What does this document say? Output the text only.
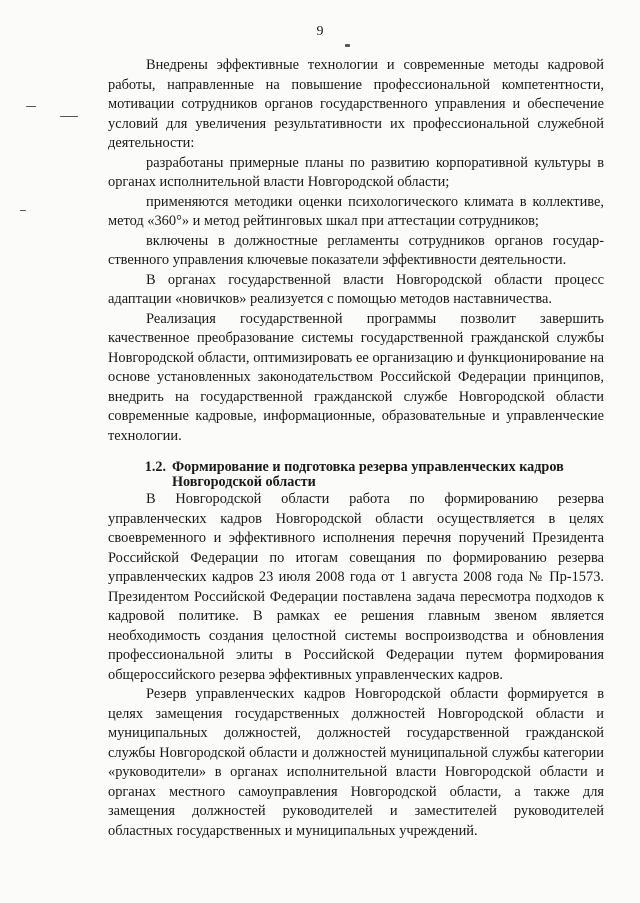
9

Внедрены эффективные технологии и современные методы кадровой работы, направленные на повышение профессиональной компетентности, мотивации сотрудников органов государственного управления и обеспечение условий для увеличения результативности их профессиональной служебной деятельности:

разработаны примерные планы по развитию корпоративной культуры в органах исполнительной власти Новгородской области;

применяются методики оценки психологического климата в коллективе, метод «360°» и метод рейтинговых шкал при аттестации сотрудников;

включены в должностные регламенты сотрудников органов государ-ственного управления ключевые показатели эффективности деятельности.

В органах государственной власти Новгородской области процесс адаптации «новичков» реализуется с помощью методов наставничества.

Реализация государственной программы позволит завершить качественное преобразование системы государственной гражданской службы Новгородской области, оптимизировать ее организацию и функционирование на основе установленных законодательством Российской Федерации принципов, внедрить на государственной гражданской службе Новгородской области современные кадровые, информационные, образовательные и управленческие технологии.

1.2. Формирование и подготовка резерва управленческих кадров Новгородской области

В Новгородской области работа по формированию резерва управленческих кадров Новгородской области осуществляется в целях своевременного и эффективного исполнения перечня поручений Президента Российской Федерации по итогам совещания по формированию резерва управленческих кадров 23 июля 2008 года от 1 августа 2008 года № Пр-1573. Президентом Российской Федерации поставлена задача пересмотра подходов к кадровой политике. В рамках ее решения главным звеном является необходимость создания целостной системы воспроизводства и обновления профессиональной элиты в Российской Федерации путем формирования общероссийского резерва эффективных управленческих кадров.

Резерв управленческих кадров Новгородской области формируется в целях замещения государственных должностей Новгородской области и муниципальных должностей, должностей государственной гражданской службы Новгородской области и должностей муниципальной службы категории «руководители» в органах исполнительной власти Новгородской области и органах местного самоуправления Новгородской области, а также для замещения должностей руководителей и заместителей руководителей областных государственных и муниципальных учреждений.
